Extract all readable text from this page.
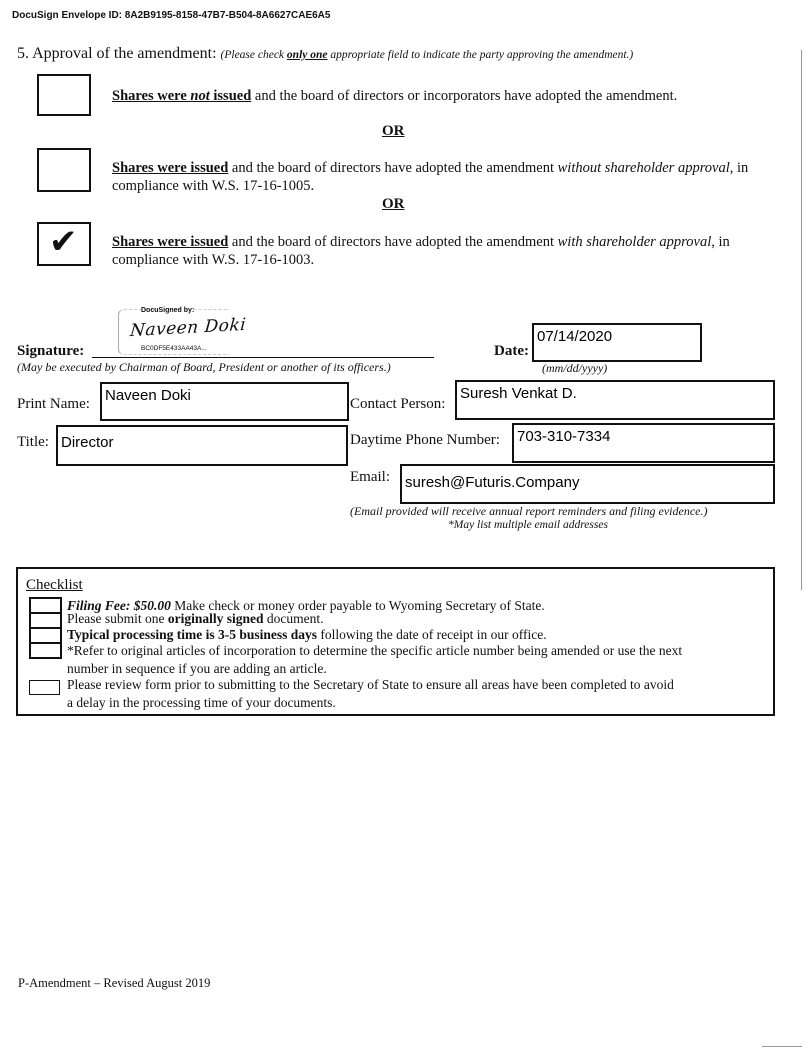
DocuSign Envelope ID: 8A2B9195-8158-47B7-B504-8A6627CAE6A5
5. Approval of the amendment: (Please check only one appropriate field to indicate the party approving the amendment.)
Shares were not issued and the board of directors or incorporators have adopted the amendment.
OR
Shares were issued and the board of directors have adopted the amendment without shareholder approval, in compliance with W.S. 17-16-1005.
OR
✔ Shares were issued and the board of directors have adopted the amendment with shareholder approval, in compliance with W.S. 17-16-1003.
DocuSigned by:
Naveen Doki
BC0DF5E433AA43A...
Signature:
(May be executed by Chairman of Board, President or another of its officers.)
Date:
07/14/2020
(mm/dd/yyyy)
Print Name: Naveen Doki	Contact Person:
Suresh Venkat D.
Title: Director	Daytime Phone Number: 703-310-7334
Email: suresh@Futuris.Company
(Email provided will receive annual report reminders and filing evidence.)
*May list multiple email addresses
Checklist
Filing Fee: $50.00 Make check or money order payable to Wyoming Secretary of State.
Please submit one originally signed document.
Typical processing time is 3-5 business days following the date of receipt in our office.
*Refer to original articles of incorporation to determine the specific article number being amended or use the next
number in sequence if you are adding an article.
Please review form prior to submitting to the Secretary of State to ensure all areas have been completed to avoid
a delay in the processing time of your documents.
P-Amendment – Revised August 2019
